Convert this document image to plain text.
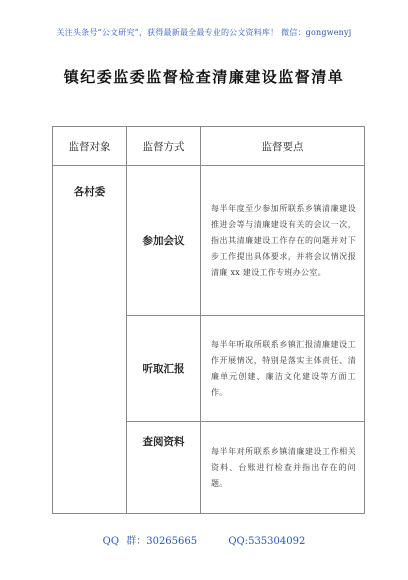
关注头条号“公文研究”，获得最新最全最专业的公文资料库！ 微信：gongwenyj
镇纪委监委监督检查清廉建设监督清单
监督对象	监督方式	监督要点

各村委	参加会议	每半年度至少参加所联系乡镇清廉建设推进会等与清廉建设有关的会议一次，指出其清廉建设工作存在的问题并对下步工作提出具体要求，并将会议情况报清廉 xx 建设工作专班办公室。
	听取汇报	每半年听取所联系乡镇汇报清廉建设工作开展情况，特别是落实主体责任、清廉单元创建、廉洁文化建设等方面工作。

	查阅资料	每半年对所联系乡镇清廉建设工作相关资料、台账进行检查并指出存在的问题。
QQ 群：30265665	QQ:535304092
